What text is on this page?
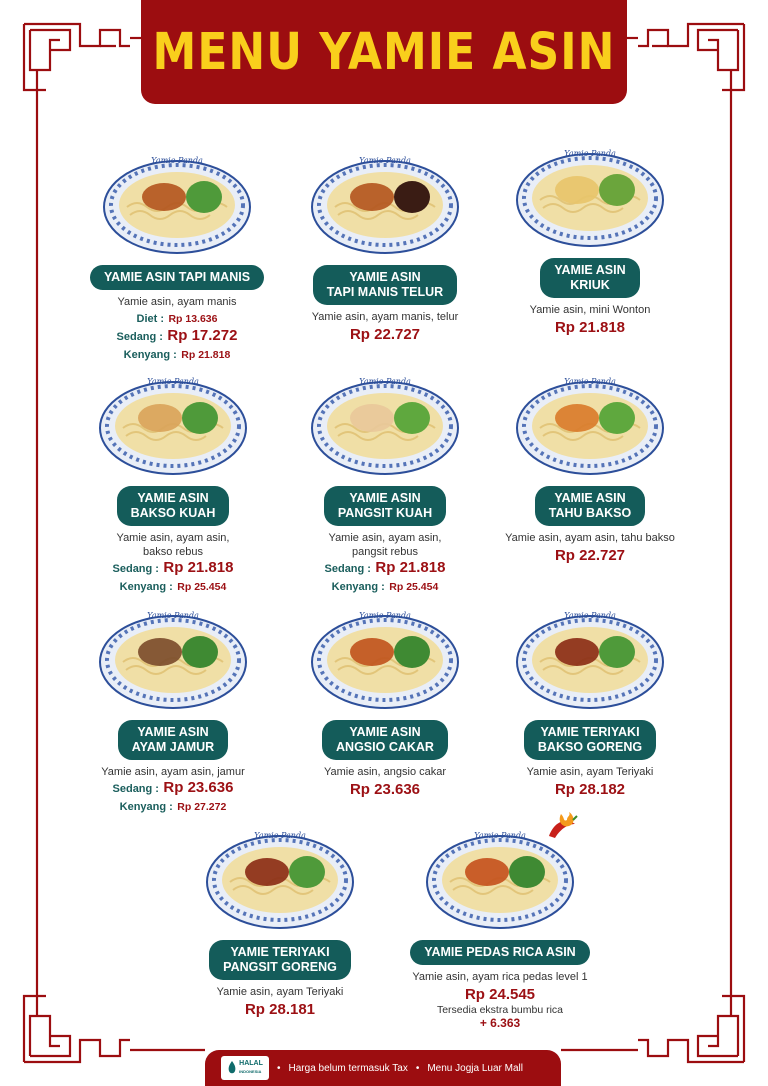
MENU YAMIE ASIN
Yamie Panda
YAMIE ASIN TAPI MANIS
Yamie asin, ayam manis
Diet : Rp 13.636
Sedang : Rp 17.272
Kenyang : Rp 21.818
Yamie Panda
YAMIE ASIN
TAPI MANIS TELUR
Yamie asin, ayam manis, telur
Rp 22.727
Yamie Panda
YAMIE ASIN
KRIUK
Yamie asin, mini Wonton
Rp 21.818
Yamie Panda
YAMIE ASIN
BAKSO KUAH
Yamie asin, ayam asin,
bakso rebus
Sedang : Rp 21.818
Kenyang : Rp 25.454
Yamie Panda
YAMIE ASIN
PANGSIT KUAH
Yamie asin, ayam asin,
pangsit rebus
Sedang : Rp 21.818
Kenyang : Rp 25.454
Yamie Panda
YAMIE ASIN
TAHU BAKSO
Yamie asin, ayam asin, tahu bakso
Rp 22.727
Yamie Panda
YAMIE ASIN
AYAM JAMUR
Yamie asin, ayam asin, jamur
Sedang : Rp 23.636
Kenyang : Rp 27.272
Yamie Panda
YAMIE ASIN
ANGSIO CAKAR
Yamie asin, angsio cakar
Rp 23.636
Yamie Panda
YAMIE TERIYAKI
BAKSO GORENG
Yamie asin, ayam Teriyaki
Rp 28.182
Yamie Panda
YAMIE TERIYAKI
PANGSIT GORENG
Yamie asin, ayam Teriyaki
Rp 28.181
Yamie Panda
YAMIE PEDAS RICA ASIN
Yamie asin, ayam rica pedas level 1
Rp 24.545
Tersedia ekstra bumbu rica
+ 6.363
HALAL
INDONESIA • Harga belum termasuk Tax • Menu Jogja Luar Mall
